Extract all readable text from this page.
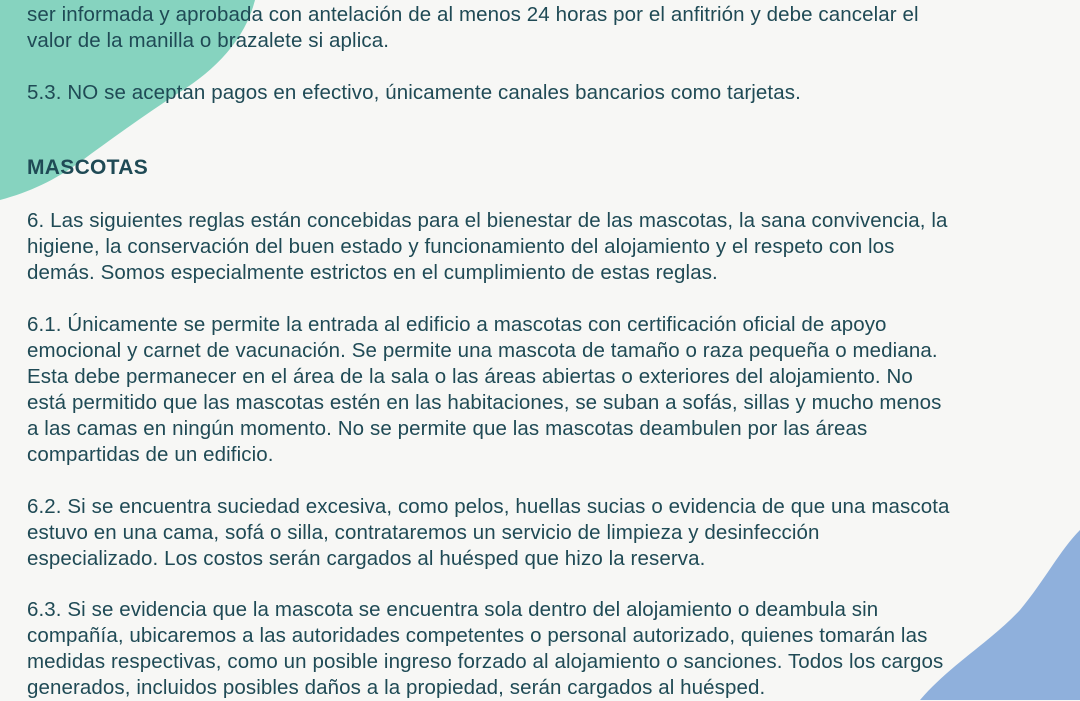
ser informada y aprobada con antelación de al menos 24 horas por el anfitrión y debe cancelar el
valor de la manilla o brazalete si aplica.

5.3. NO se aceptan pagos en efectivo, únicamente canales bancarios como tarjetas.

MASCOTAS

6. Las siguientes reglas están concebidas para el bienestar de las mascotas, la sana convivencia, la
higiene, la conservación del buen estado y funcionamiento del alojamiento y el respeto con los
demás. Somos especialmente estrictos en el cumplimiento de estas reglas.

6.1. Únicamente se permite la entrada al edificio a mascotas con certificación oficial de apoyo
emocional y carnet de vacunación. Se permite una mascota de tamaño o raza pequeña o mediana.
Esta debe permanecer en el área de la sala o las áreas abiertas o exteriores del alojamiento. No
está permitido que las mascotas estén en las habitaciones, se suban a sofás, sillas y mucho menos
a las camas en ningún momento. No se permite que las mascotas deambulen por las áreas
compartidas de un edificio.

6.2. Si se encuentra suciedad excesiva, como pelos, huellas sucias o evidencia de que una mascota
estuvo en una cama, sofá o silla, contrataremos un servicio de limpieza y desinfección
especializado. Los costos serán cargados al huésped que hizo la reserva.

6.3. Si se evidencia que la mascota se encuentra sola dentro del alojamiento o deambula sin
compañía, ubicaremos a las autoridades competentes o personal autorizado, quienes tomarán las
medidas respectivas, como un posible ingreso forzado al alojamiento o sanciones. Todos los cargos
generados, incluidos posibles daños a la propiedad, serán cargados al huésped.
